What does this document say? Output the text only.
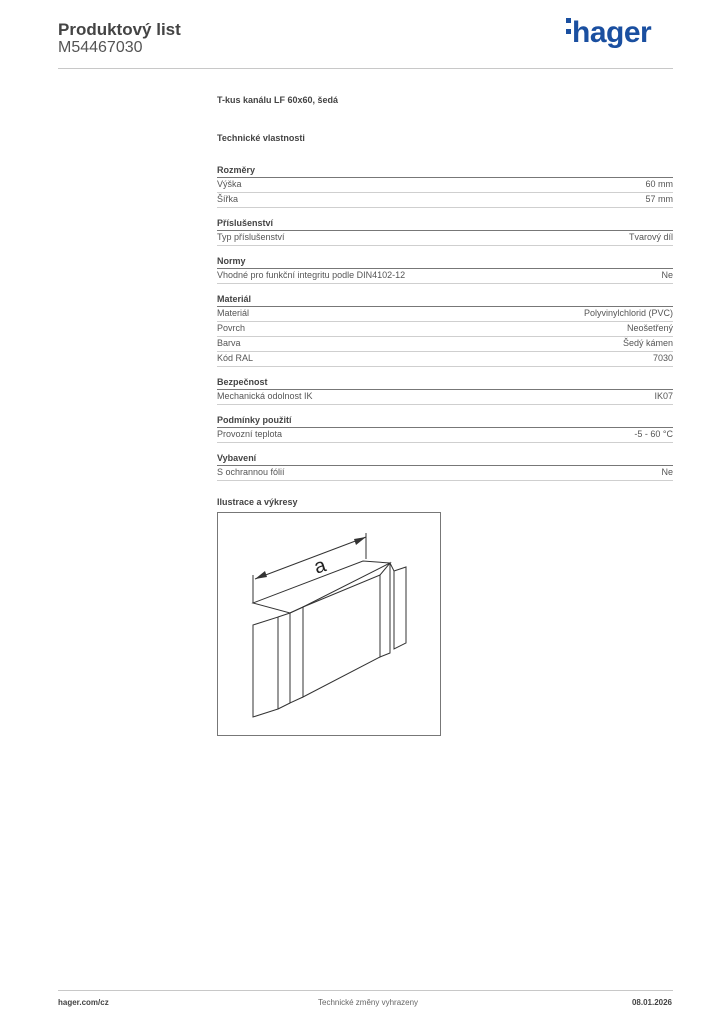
Produktový list
M54467030	hager
T-kus kanálu LF 60x60, šedá
Technické vlastnosti
Rozměry
Výška	60 mm
Šířka	57 mm
Příslušenství
Typ příslušenství	Tvarový díl
Normy
Vhodné pro funkční integritu podle DIN4102-12	Ne
Materiál
Materiál	Polyvinylchlorid (PVC)
Povrch	Neošetřený
Barva	Šedý kámen
Kód RAL	7030
Bezpečnost
Mechanická odolnost IK	IK07
Podmínky použití
Provozní teplota	-5 - 60 °C
Vybavení
S ochrannou fólií	Ne
Ilustrace a výkresy
a
hager.com/cz	Technické změny vyhrazeny	08.01.2026
